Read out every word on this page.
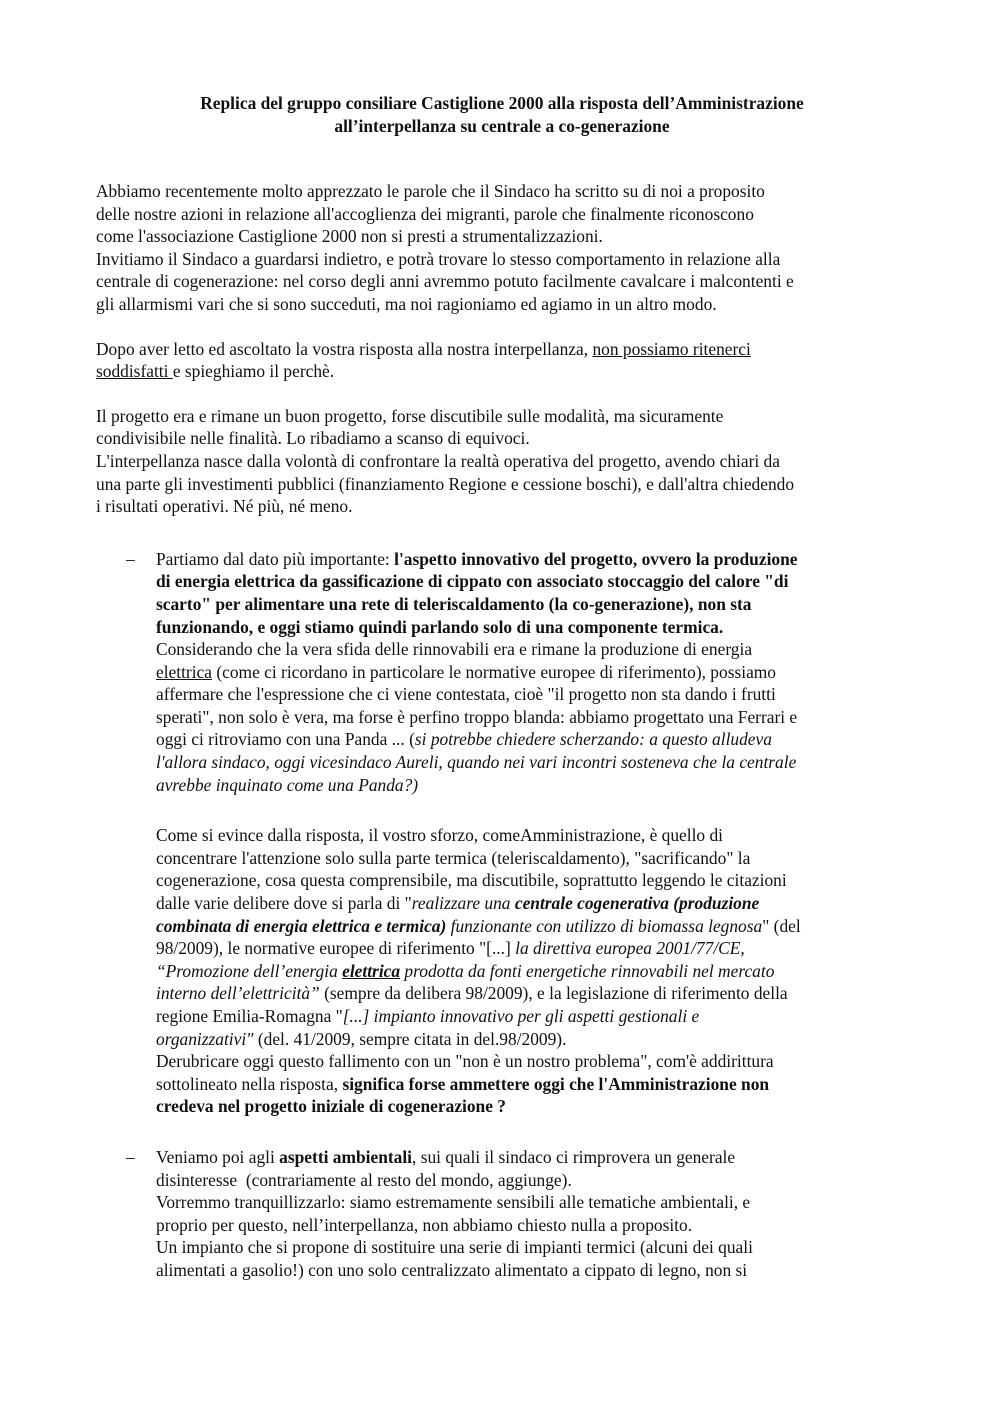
Replica del gruppo consiliare Castiglione 2000 alla risposta dell’Amministrazione
all’interpellanza su centrale a co-generazione
Abbiamo recentemente molto apprezzato le parole che il Sindaco ha scritto su di noi a proposito
delle nostre azioni in relazione all'accoglienza dei migranti, parole che finalmente riconoscono
come l'associazione Castiglione 2000 non si presti a strumentalizzazioni.
Invitiamo il Sindaco a guardarsi indietro, e potrà trovare lo stesso comportamento in relazione alla
centrale di cogenerazione: nel corso degli anni avremmo potuto facilmente cavalcare i malcontenti e
gli allarmismi vari che si sono succeduti, ma noi ragioniamo ed agiamo in un altro modo.
Dopo aver letto ed ascoltato la vostra risposta alla nostra interpellanza, non possiamo ritenerci
soddisfatti e spieghiamo il perchè.
Il progetto era e rimane un buon progetto, forse discutibile sulle modalità, ma sicuramente
condivisibile nelle finalità. Lo ribadiamo a scanso di equivoci.
L'interpellanza nasce dalla volontà di confrontare la realtà operativa del progetto, avendo chiari da
una parte gli investimenti pubblici (finanziamento Regione e cessione boschi), e dall'altra chiedendo
i risultati operativi. Né più, né meno.
– Partiamo dal dato più importante: l'aspetto innovativo del progetto, ovvero la produzione
di energia elettrica da gassificazione di cippato con associato stoccaggio del calore "di
scarto" per alimentare una rete di teleriscaldamento (la co-generazione), non sta
funzionando, e oggi stiamo quindi parlando solo di una componente termica.
Considerando che la vera sfida delle rinnovabili era e rimane la produzione di energia
elettrica (come ci ricordano in particolare le normative europee di riferimento), possiamo
affermare che l'espressione che ci viene contestata, cioè "il progetto non sta dando i frutti
sperati", non solo è vera, ma forse è perfino troppo blanda: abbiamo progettato una Ferrari e
oggi ci ritroviamo con una Panda ... (si potrebbe chiedere scherzando: a questo alludeva
l'allora sindaco, oggi vicesindaco Aureli, quando nei vari incontri sosteneva che la centrale
avrebbe inquinato come una Panda?)

Come si evince dalla risposta, il vostro sforzo, comeAmministrazione, è quello di
concentrare l'attenzione solo sulla parte termica (teleriscaldamento), "sacrificando" la
cogenerazione, cosa questa comprensibile, ma discutibile, soprattutto leggendo le citazioni
dalle varie delibere dove si parla di "realizzare una centrale cogenerativa (produzione
combinata di energia elettrica e termica) funzionante con utilizzo di biomassa legnosa" (del
98/2009), le normative europee di riferimento "[...] la direttiva europea 2001/77/CE,
“Promozione dell’energia elettrica prodotta da fonti energetiche rinnovabili nel mercato
interno dell’elettricità” (sempre da delibera 98/2009), e la legislazione di riferimento della
regione Emilia-Romagna "[...] impianto innovativo per gli aspetti gestionali e
organizzativi" (del. 41/2009, sempre citata in del.98/2009).
Derubricare oggi questo fallimento con un "non è un nostro problema", com'è addirittura
sottolineato nella risposta, significa forse ammettere oggi che l'Amministrazione non
credeva nel progetto iniziale di cogenerazione ?

– Veniamo poi agli aspetti ambientali, sui quali il sindaco ci rimprovera un generale
disinteresse  (contrariamente al resto del mondo, aggiunge).
Vorremmo tranquillizzarlo: siamo estremamente sensibili alle tematiche ambientali, e
proprio per questo, nell’interpellanza, non abbiamo chiesto nulla a proposito.
Un impianto che si propone di sostituire una serie di impianti termici (alcuni dei quali
alimentati a gasolio!) con uno solo centralizzato alimentato a cippato di legno, non si
